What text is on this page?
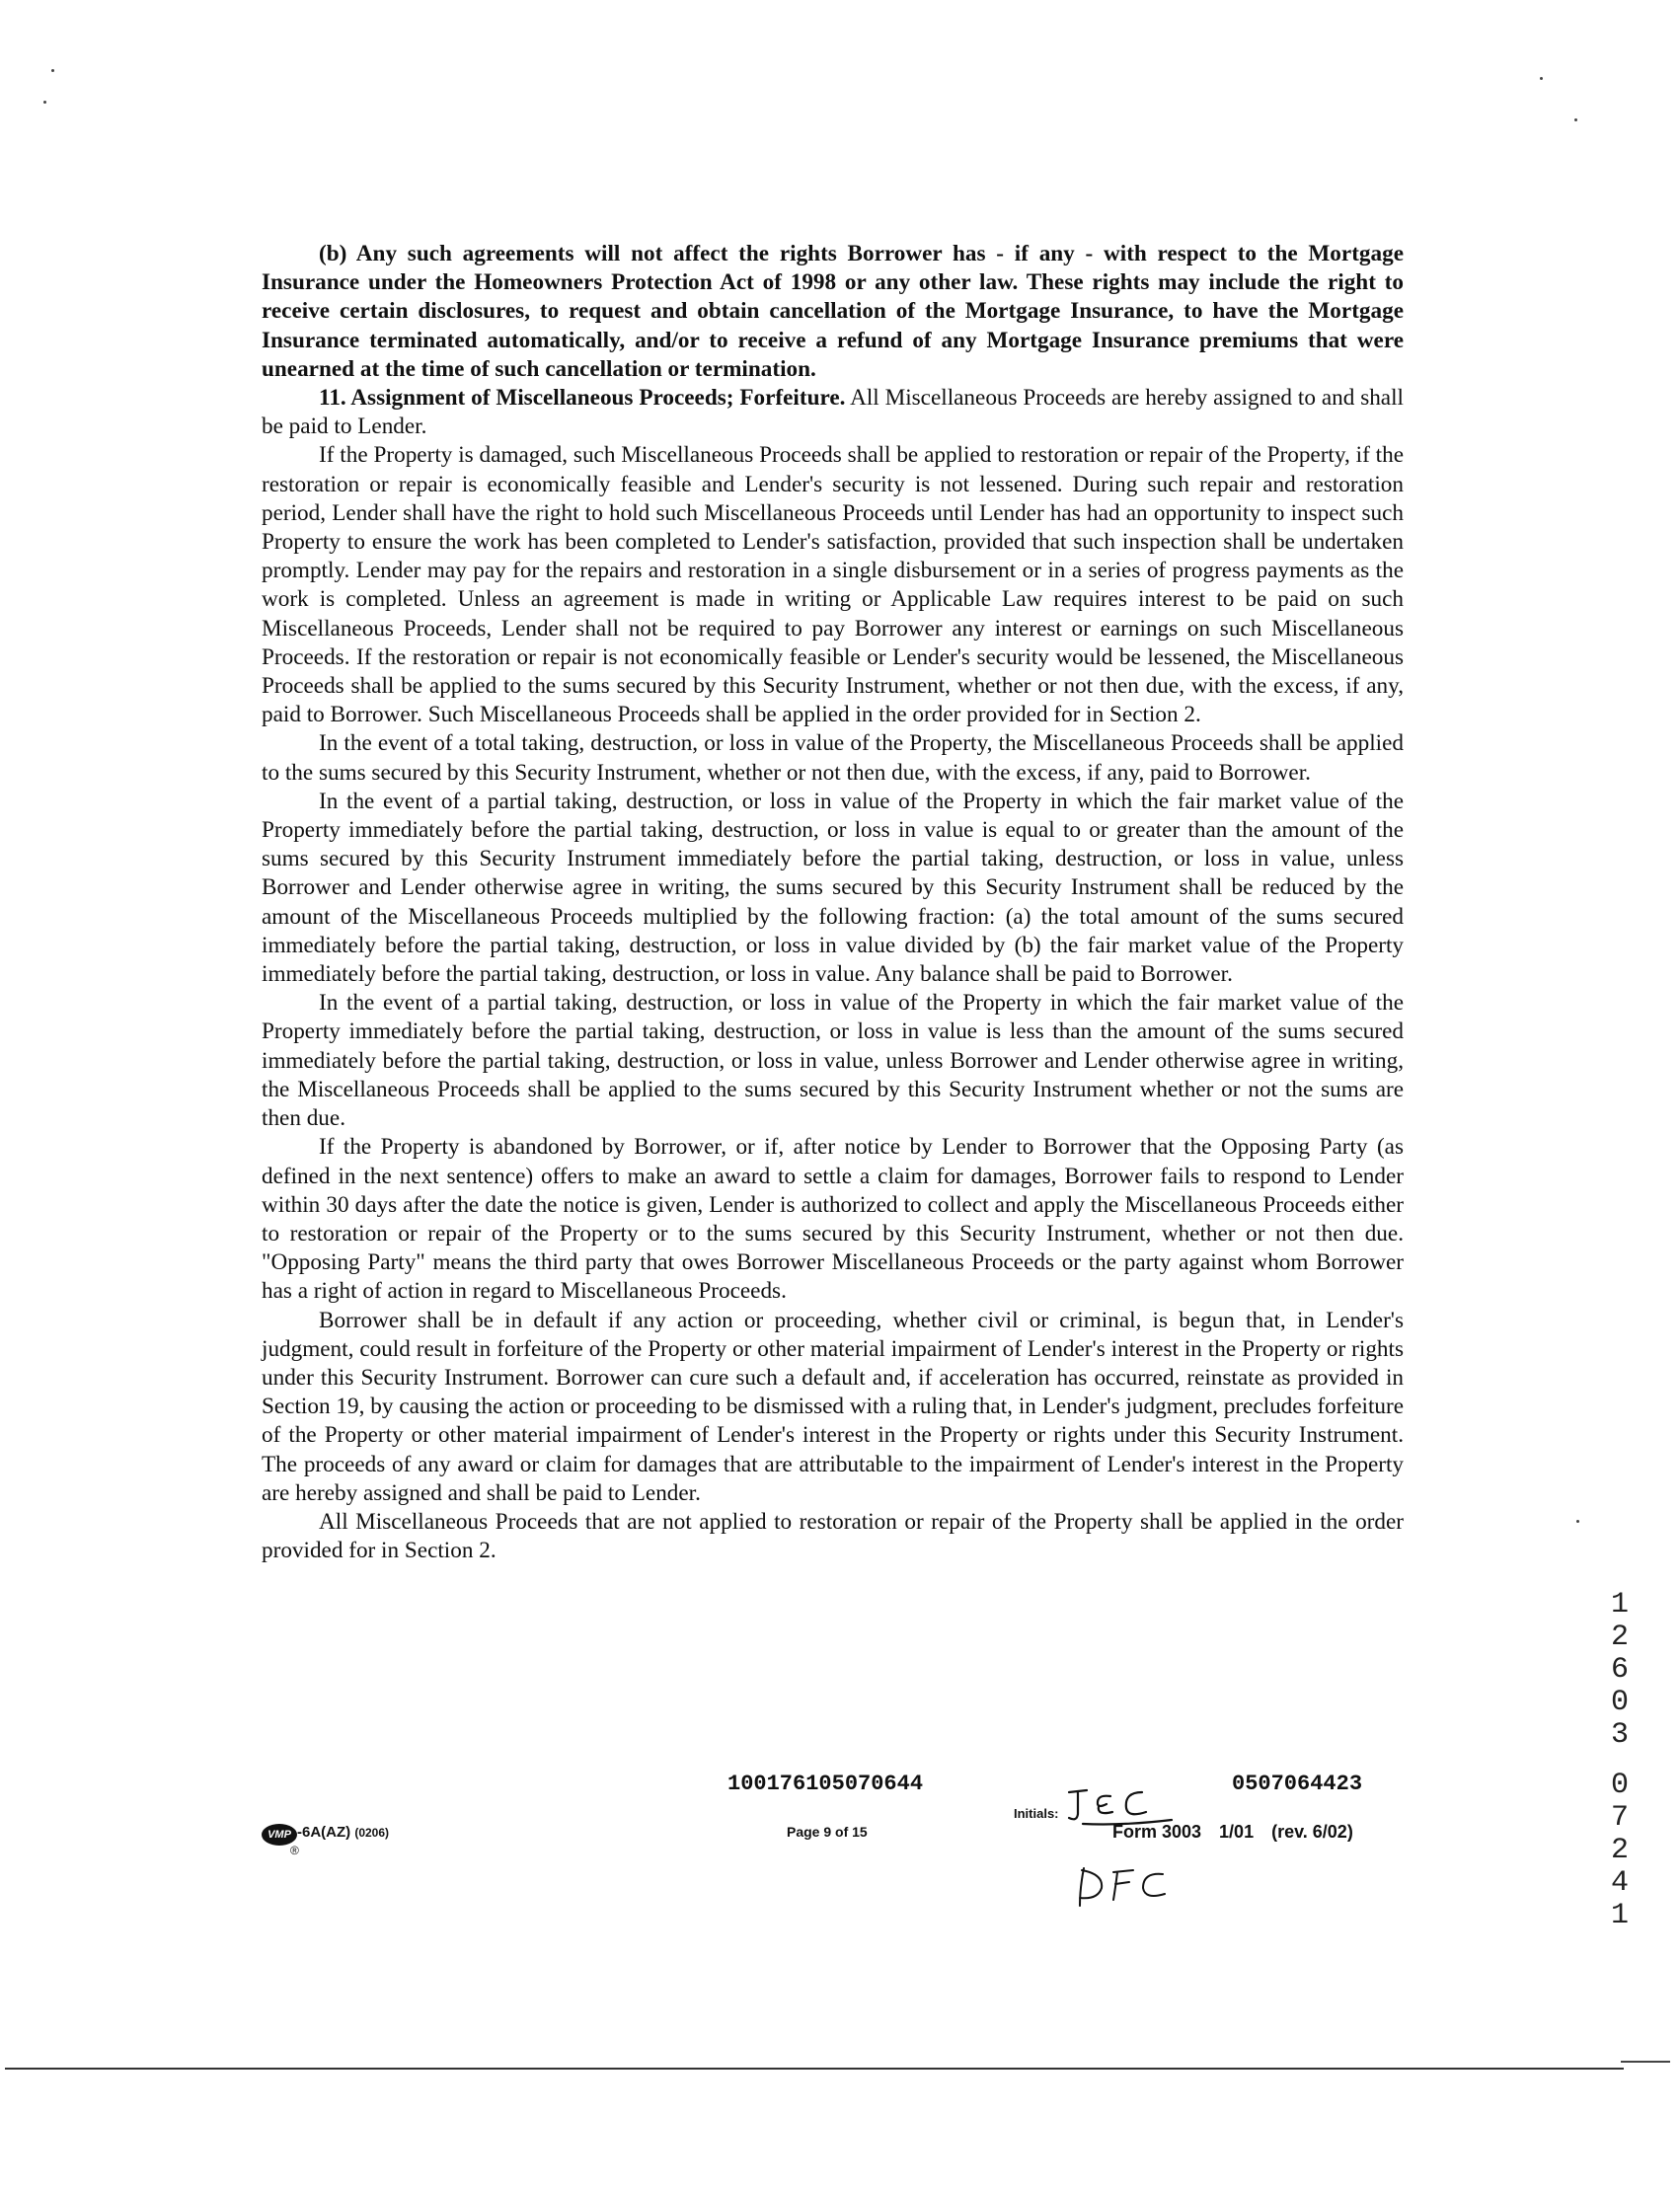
(b) Any such agreements will not affect the rights Borrower has - if any - with respect to the Mortgage Insurance under the Homeowners Protection Act of 1998 or any other law. These rights may include the right to receive certain disclosures, to request and obtain cancellation of the Mortgage Insurance, to have the Mortgage Insurance terminated automatically, and/or to receive a refund of any Mortgage Insurance premiums that were unearned at the time of such cancellation or termination.

11. Assignment of Miscellaneous Proceeds; Forfeiture. All Miscellaneous Proceeds are hereby assigned to and shall be paid to Lender.

If the Property is damaged, such Miscellaneous Proceeds shall be applied to restoration or repair of the Property, if the restoration or repair is economically feasible and Lender's security is not lessened. During such repair and restoration period, Lender shall have the right to hold such Miscellaneous Proceeds until Lender has had an opportunity to inspect such Property to ensure the work has been completed to Lender's satisfaction, provided that such inspection shall be undertaken promptly. Lender may pay for the repairs and restoration in a single disbursement or in a series of progress payments as the work is completed. Unless an agreement is made in writing or Applicable Law requires interest to be paid on such Miscellaneous Proceeds, Lender shall not be required to pay Borrower any interest or earnings on such Miscellaneous Proceeds. If the restoration or repair is not economically feasible or Lender's security would be lessened, the Miscellaneous Proceeds shall be applied to the sums secured by this Security Instrument, whether or not then due, with the excess, if any, paid to Borrower. Such Miscellaneous Proceeds shall be applied in the order provided for in Section 2.

In the event of a total taking, destruction, or loss in value of the Property, the Miscellaneous Proceeds shall be applied to the sums secured by this Security Instrument, whether or not then due, with the excess, if any, paid to Borrower.

In the event of a partial taking, destruction, or loss in value of the Property in which the fair market value of the Property immediately before the partial taking, destruction, or loss in value is equal to or greater than the amount of the sums secured by this Security Instrument immediately before the partial taking, destruction, or loss in value, unless Borrower and Lender otherwise agree in writing, the sums secured by this Security Instrument shall be reduced by the amount of the Miscellaneous Proceeds multiplied by the following fraction: (a) the total amount of the sums secured immediately before the partial taking, destruction, or loss in value divided by (b) the fair market value of the Property immediately before the partial taking, destruction, or loss in value. Any balance shall be paid to Borrower.

In the event of a partial taking, destruction, or loss in value of the Property in which the fair market value of the Property immediately before the partial taking, destruction, or loss in value is less than the amount of the sums secured immediately before the partial taking, destruction, or loss in value, unless Borrower and Lender otherwise agree in writing, the Miscellaneous Proceeds shall be applied to the sums secured by this Security Instrument whether or not the sums are then due.

If the Property is abandoned by Borrower, or if, after notice by Lender to Borrower that the Opposing Party (as defined in the next sentence) offers to make an award to settle a claim for damages, Borrower fails to respond to Lender within 30 days after the date the notice is given, Lender is authorized to collect and apply the Miscellaneous Proceeds either to restoration or repair of the Property or to the sums secured by this Security Instrument, whether or not then due. "Opposing Party" means the third party that owes Borrower Miscellaneous Proceeds or the party against whom Borrower has a right of action in regard to Miscellaneous Proceeds.

Borrower shall be in default if any action or proceeding, whether civil or criminal, is begun that, in Lender's judgment, could result in forfeiture of the Property or other material impairment of Lender's interest in the Property or rights under this Security Instrument. Borrower can cure such a default and, if acceleration has occurred, reinstate as provided in Section 19, by causing the action or proceeding to be dismissed with a ruling that, in Lender's judgment, precludes forfeiture of the Property or other material impairment of Lender's interest in the Property or rights under this Security Instrument. The proceeds of any award or claim for damages that are attributable to the impairment of Lender's interest in the Property are hereby assigned and shall be paid to Lender.

All Miscellaneous Proceeds that are not applied to restoration or repair of the Property shall be applied in the order provided for in Section 2.

100176105070644	0507064423
VMP
®
-6A(AZ) (0206)	Page 9 of 15
Initials:
Form 3003 1/01 (rev. 6/02)
1
2
6
0
3
0
7
2
4
1
